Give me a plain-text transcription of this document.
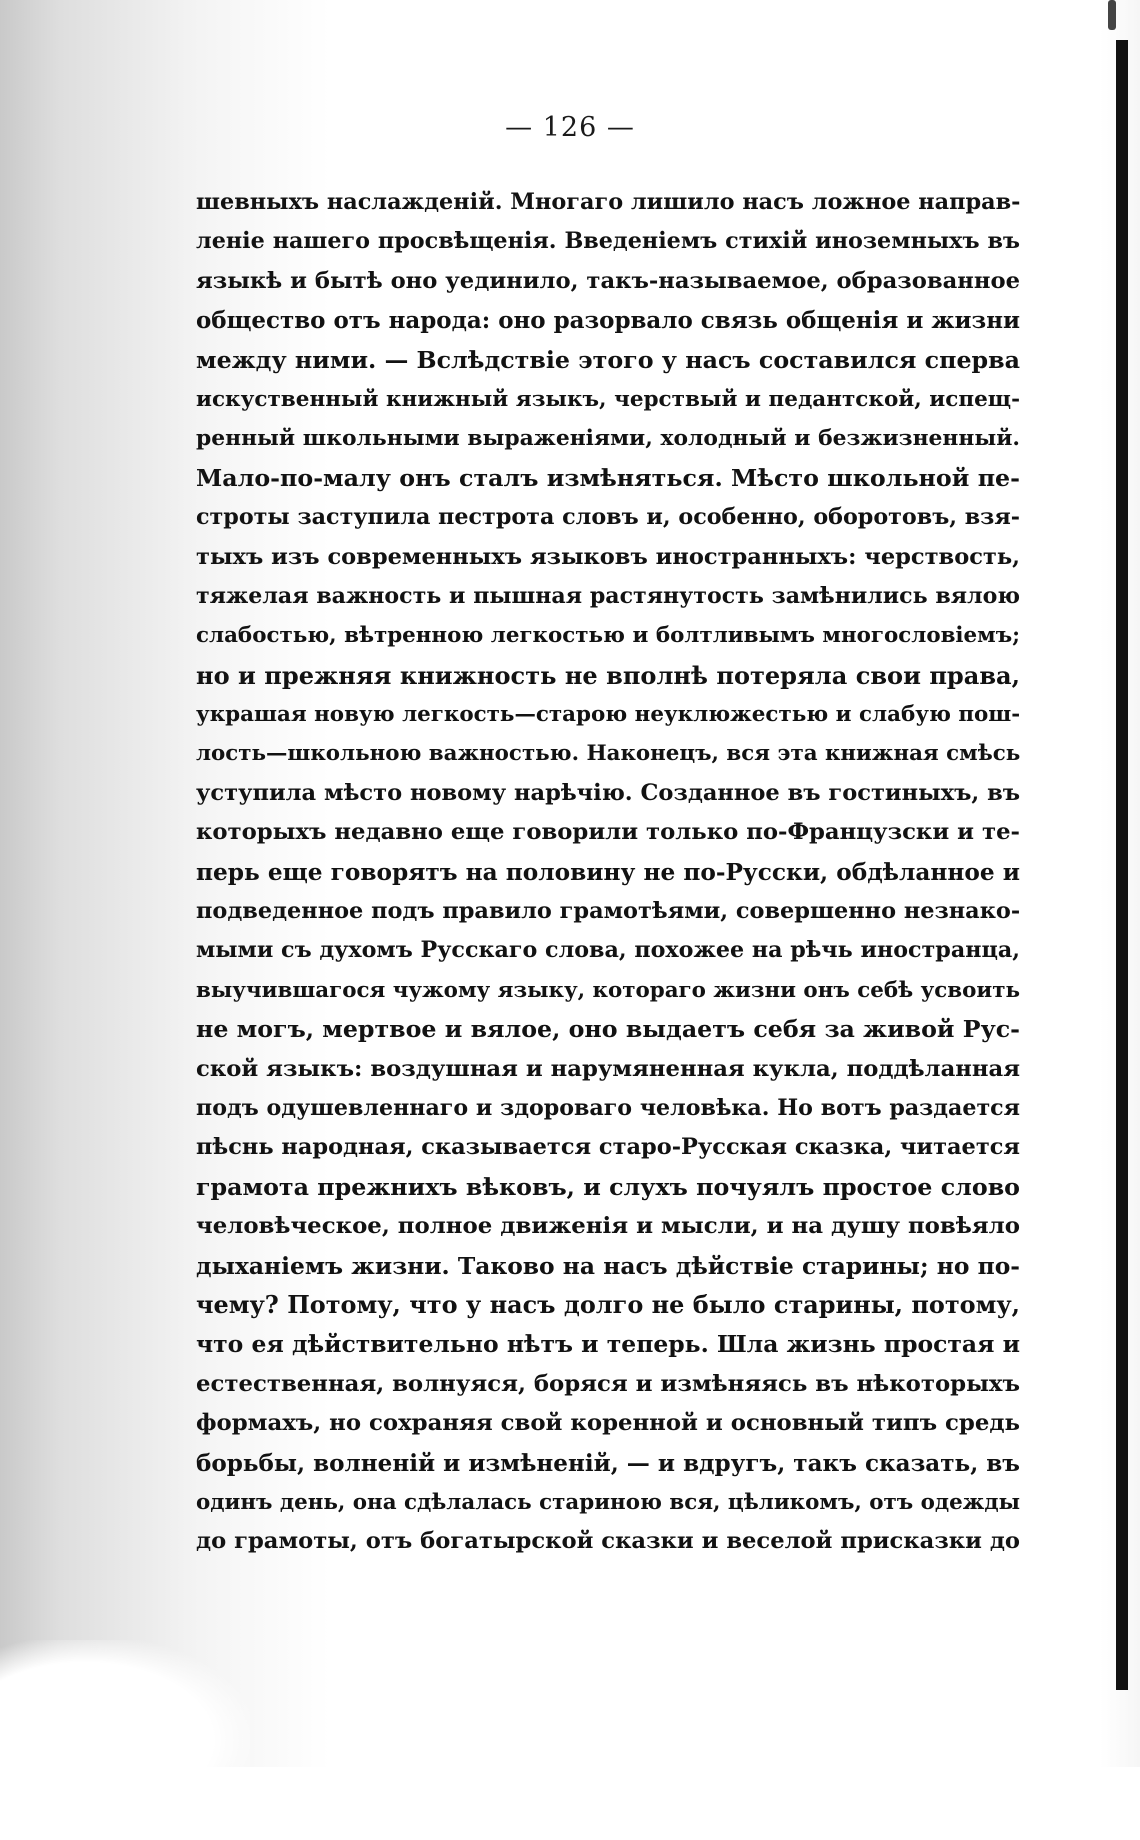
— 126 —
шевныхъ наслажденій. Многаго лишило насъ ложное направ-
леніе нашего просвѣщенія. Введеніемъ стихій иноземныхъ въ
языкѣ и бытѣ оно уединило, такъ-называемое, образованное
общество отъ народа: оно разорвало связь общенія и жизни
между ними. — Вслѣдствіе этого у насъ составился сперва
искуственный книжный языкъ, черствый и педантской, испещ-
ренный школьными выраженіями, холодный и безжизненный.
Мало-по-малу онъ сталъ измѣняться. Мѣсто школьной пе-
строты заступила пестрота словъ и, особенно, оборотовъ, взя-
тыхъ изъ современныхъ языковъ иностранныхъ: черствость,
тяжелая важность и пышная растянутость замѣнились вялою
слабостью, вѣтренною легкостью и болтливымъ многословіемъ;
но и прежняя книжность не вполнѣ потеряла свои права,
украшая новую легкость—старою неуклюжестью и слабую пош-
лость—школьною важностью. Наконецъ, вся эта книжная смѣсь
уступила мѣсто новому нарѣчію. Созданное въ гостиныхъ, въ
которыхъ недавно еще говорили только по-Французски и те-
перь еще говорятъ на половину не по-Русски, обдѣланное и
подведенное подъ правило грамотѣями, совершенно незнако-
мыми съ духомъ Русскаго слова, похожее на рѣчь иностранца,
выучившагося чужому языку, котораго жизни онъ себѣ усвоить
не могъ, мертвое и вялое, оно выдаетъ себя за живой Рус-
ской языкъ: воздушная и нарумяненная кукла, поддѣланная
подъ одушевленнаго и здороваго человѣка. Но вотъ раздается
пѣснь народная, сказывается старо-Русская сказка, читается
грамота прежнихъ вѣковъ, и слухъ почуялъ простое слово
человѣческое, полное движенія и мысли, и на душу повѣяло
дыханіемъ жизни. Таково на насъ дѣйствіе старины; но по-
чему? Потому, что у насъ долго не было старины, потому,
что ея дѣйствительно нѣтъ и теперь. Шла жизнь простая и
естественная, волнуяся, боряся и измѣняясь въ нѣкоторыхъ
формахъ, но сохраняя свой коренной и основный типъ средь
борьбы, волненій и измѣненій, — и вдругъ, такъ сказать, въ
одинъ день, она сдѣлалась стариною вся, цѣликомъ, отъ одежды
до грамоты, отъ богатырской сказки и веселой присказки до
